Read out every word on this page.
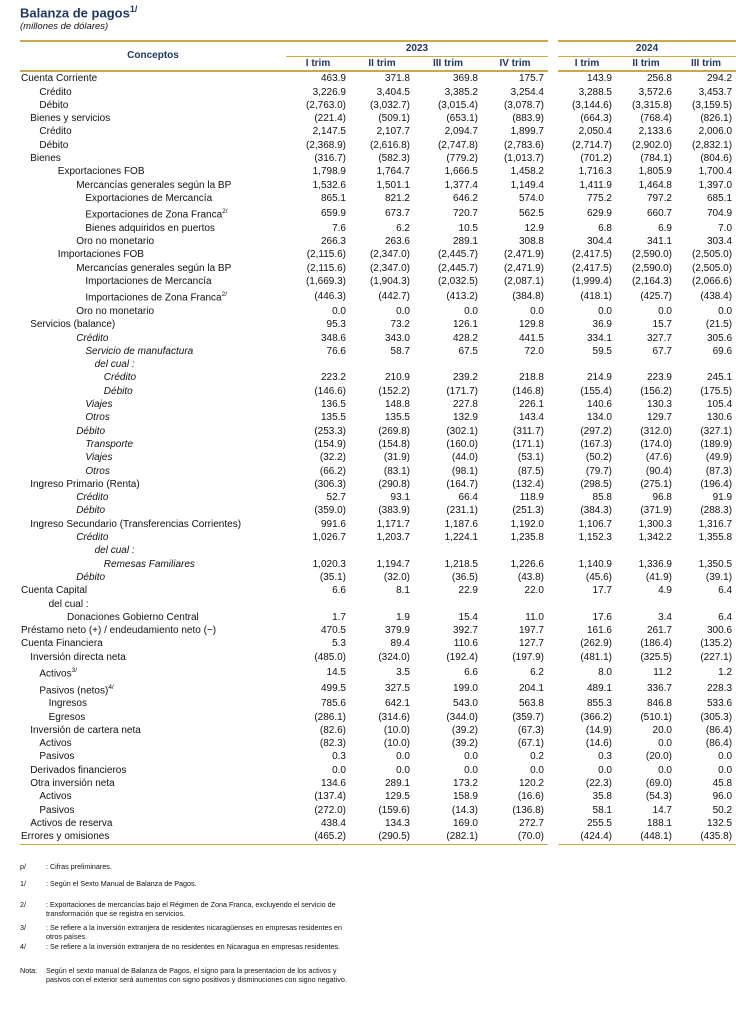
Balanza de pagos$^{1/}$
(millones de dólares)
Conceptos	2023					2024		
	I trim	II trim	III trim	IV trim		I trim	II trim	III trim
Cuenta Corriente	463.9	371.8	369.8	175.7		143.9	256.8	294.2
Crédito	3,226.9	3,404.5	3,385.2	3,254.4		3,288.5	3,572.6	3,453.7
Débito	(2,763.0)	(3,032.7)	(3,015.4)	(3,078.7)		(3,144.6)	(3,315.8)	(3,159.5)
Bienes y servicios	(221.4)	(509.1)	(653.1)	(883.9)		(664.3)	(768.4)	(826.1)
Crédito	2,147.5	2,107.7	2,094.7	1,899.7		2,050.4	2,133.6	2,006.0
Débito	(2,368.9)	(2,616.8)	(2,747.8)	(2,783.6)		(2,714.7)	(2,902.0)	(2,832.1)
Bienes	(316.7)	(582.3)	(779.2)	(1,013.7)		(701.2)	(784.1)	(804.6)
Exportaciones FOB	1,798.9	1,764.7	1,666.5	1,458.2		1,716.3	1,805.9	1,700.4
Mercancías generales según la BP	1,532.6	1,501.1	1,377.4	1,149.4		1,411.9	1,464.8	1,397.0
Exportaciones de Mercancía	865.1	821.2	646.2	574.0		775.2	797.2	685.1
Exportaciones de Zona Franca$^{2/}$	659.9	673.7	720.7	562.5		629.9	660.7	704.9
Bienes adquiridos en puertos	7.6	6.2	10.5	12.9		6.8	6.9	7.0
Oro no monetario	266.3	263.6	289.1	308.8		304.4	341.1	303.4
Importaciones FOB	(2,115.6)	(2,347.0)	(2,445.7)	(2,471.9)		(2,417.5)	(2,590.0)	(2,505.0)
Mercancías generales según la BP	(2,115.6)	(2,347.0)	(2,445.7)	(2,471.9)		(2,417.5)	(2,590.0)	(2,505.0)
Importaciones de Mercancía	(1,669.3)	(1,904.3)	(2,032.5)	(2,087.1)		(1,999.4)	(2,164.3)	(2,066.6)
Importaciones de Zona Franca$^{2/}$	(446.3)	(442.7)	(413.2)	(384.8)		(418.1)	(425.7)	(438.4)
Oro no monetario	0.0	0.0	0.0	0.0		0.0	0.0	0.0
Servicios (balance)	95.3	73.2	126.1	129.8		36.9	15.7	(21.5)
Crédito	348.6	343.0	428.2	441.5		334.1	327.7	305.6
Servicio de manufactura	76.6	58.7	67.5	72.0		59.5	67.7	69.6
del cual :								
Crédito	223.2	210.9	239.2	218.8		214.9	223.9	245.1
Débito	(146.6)	(152.2)	(171.7)	(146.8)		(155.4)	(156.2)	(175.5)
Viajes	136.5	148.8	227.8	226.1		140.6	130.3	105.4
Otros	135.5	135.5	132.9	143.4		134.0	129.7	130.6
Débito	(253.3)	(269.8)	(302.1)	(311.7)		(297.2)	(312.0)	(327.1)
Transporte	(154.9)	(154.8)	(160.0)	(171.1)		(167.3)	(174.0)	(189.9)
Viajes	(32.2)	(31.9)	(44.0)	(53.1)		(50.2)	(47.6)	(49.9)
Otros	(66.2)	(83.1)	(98.1)	(87.5)		(79.7)	(90.4)	(87.3)
Ingreso Primario (Renta)	(306.3)	(290.8)	(164.7)	(132.4)		(298.5)	(275.1)	(196.4)
Crédito	52.7	93.1	66.4	118.9		85.8	96.8	91.9
Débito	(359.0)	(383.9)	(231.1)	(251.3)		(384.3)	(371.9)	(288.3)
Ingreso Secundario (Transferencias Corrientes)	991.6	1,171.7	1,187.6	1,192.0		1,106.7	1,300.3	1,316.7
Crédito	1,026.7	1,203.7	1,224.1	1,235.8		1,152.3	1,342.2	1,355.8
del cual :								
Remesas Familiares	1,020.3	1,194.7	1,218.5	1,226.6		1,140.9	1,336.9	1,350.5
Débito	(35.1)	(32.0)	(36.5)	(43.8)		(45.6)	(41.9)	(39.1)
Cuenta Capital	6.6	8.1	22.9	22.0		17.7	4.9	6.4
del cual :								
Donaciones Gobierno Central	1.7	1.9	15.4	11.0		17.6	3.4	6.4
Préstamo neto (+) / endeudamiento neto (−)	470.5	379.9	392.7	197.7		161.6	261.7	300.6
Cuenta Financiera	5.3	89.4	110.6	127.7		(262.9)	(186.4)	(135.2)
Inversión directa neta	(485.0)	(324.0)	(192.4)	(197.9)		(481.1)	(325.5)	(227.1)
Activos$^{3/}$	14.5	3.5	6.6	6.2		8.0	11.2	1.2
Pasivos (netos)$^{4/}$	499.5	327.5	199.0	204.1		489.1	336.7	228.3
Ingresos	785.6	642.1	543.0	563.8		855.3	846.8	533.6
Egresos	(286.1)	(314.6)	(344.0)	(359.7)		(366.2)	(510.1)	(305.3)
Inversión de cartera neta	(82.6)	(10.0)	(39.2)	(67.3)		(14.9)	20.0	(86.4)
Activos	(82.3)	(10.0)	(39.2)	(67.1)		(14.6)	0.0	(86.4)
Pasivos	0.3	0.0	0.0	0.2		0.3	(20.0)	0.0
Derivados financieros	0.0	0.0	0.0	0.0		0.0	0.0	0.0
Otra inversión neta	134.6	289.1	173.2	120.2		(22.3)	(69.0)	45.8
Activos	(137.4)	129.5	158.9	(16.6)		35.8	(54.3)	96.0
Pasivos	(272.0)	(159.6)	(14.3)	(136.8)		58.1	14.7	50.2
Activos de reserva	438.4	134.3	169.0	272.7		255.5	188.1	132.5
Errores y omisiones	(465.2)	(290.5)	(282.1)	(70.0)		(424.4)	(448.1)	(435.8)
p/	: Cifras preliminares.
1/	: Según el Sexto Manual de Balanza de Pagos.
2/	: Exportaciones de mercancías bajo el Régimen de Zona Franca, excluyendo el servicio de transformación que se registra en servicios.
3/	: Se refiere a la inversión extranjera de residentes nicaragüenses en empresas residentes en otros países.
4/	: Se refiere a la inversión extranjera de no residentes en Nicaragua en empresas residentes.
Nota:	Según el sexto manual de Balanza de Pagos, el signo para la presentacion de los activos y pasivos con el exterior será aumentos con signo positivos y disminuciones con signo negativo.
